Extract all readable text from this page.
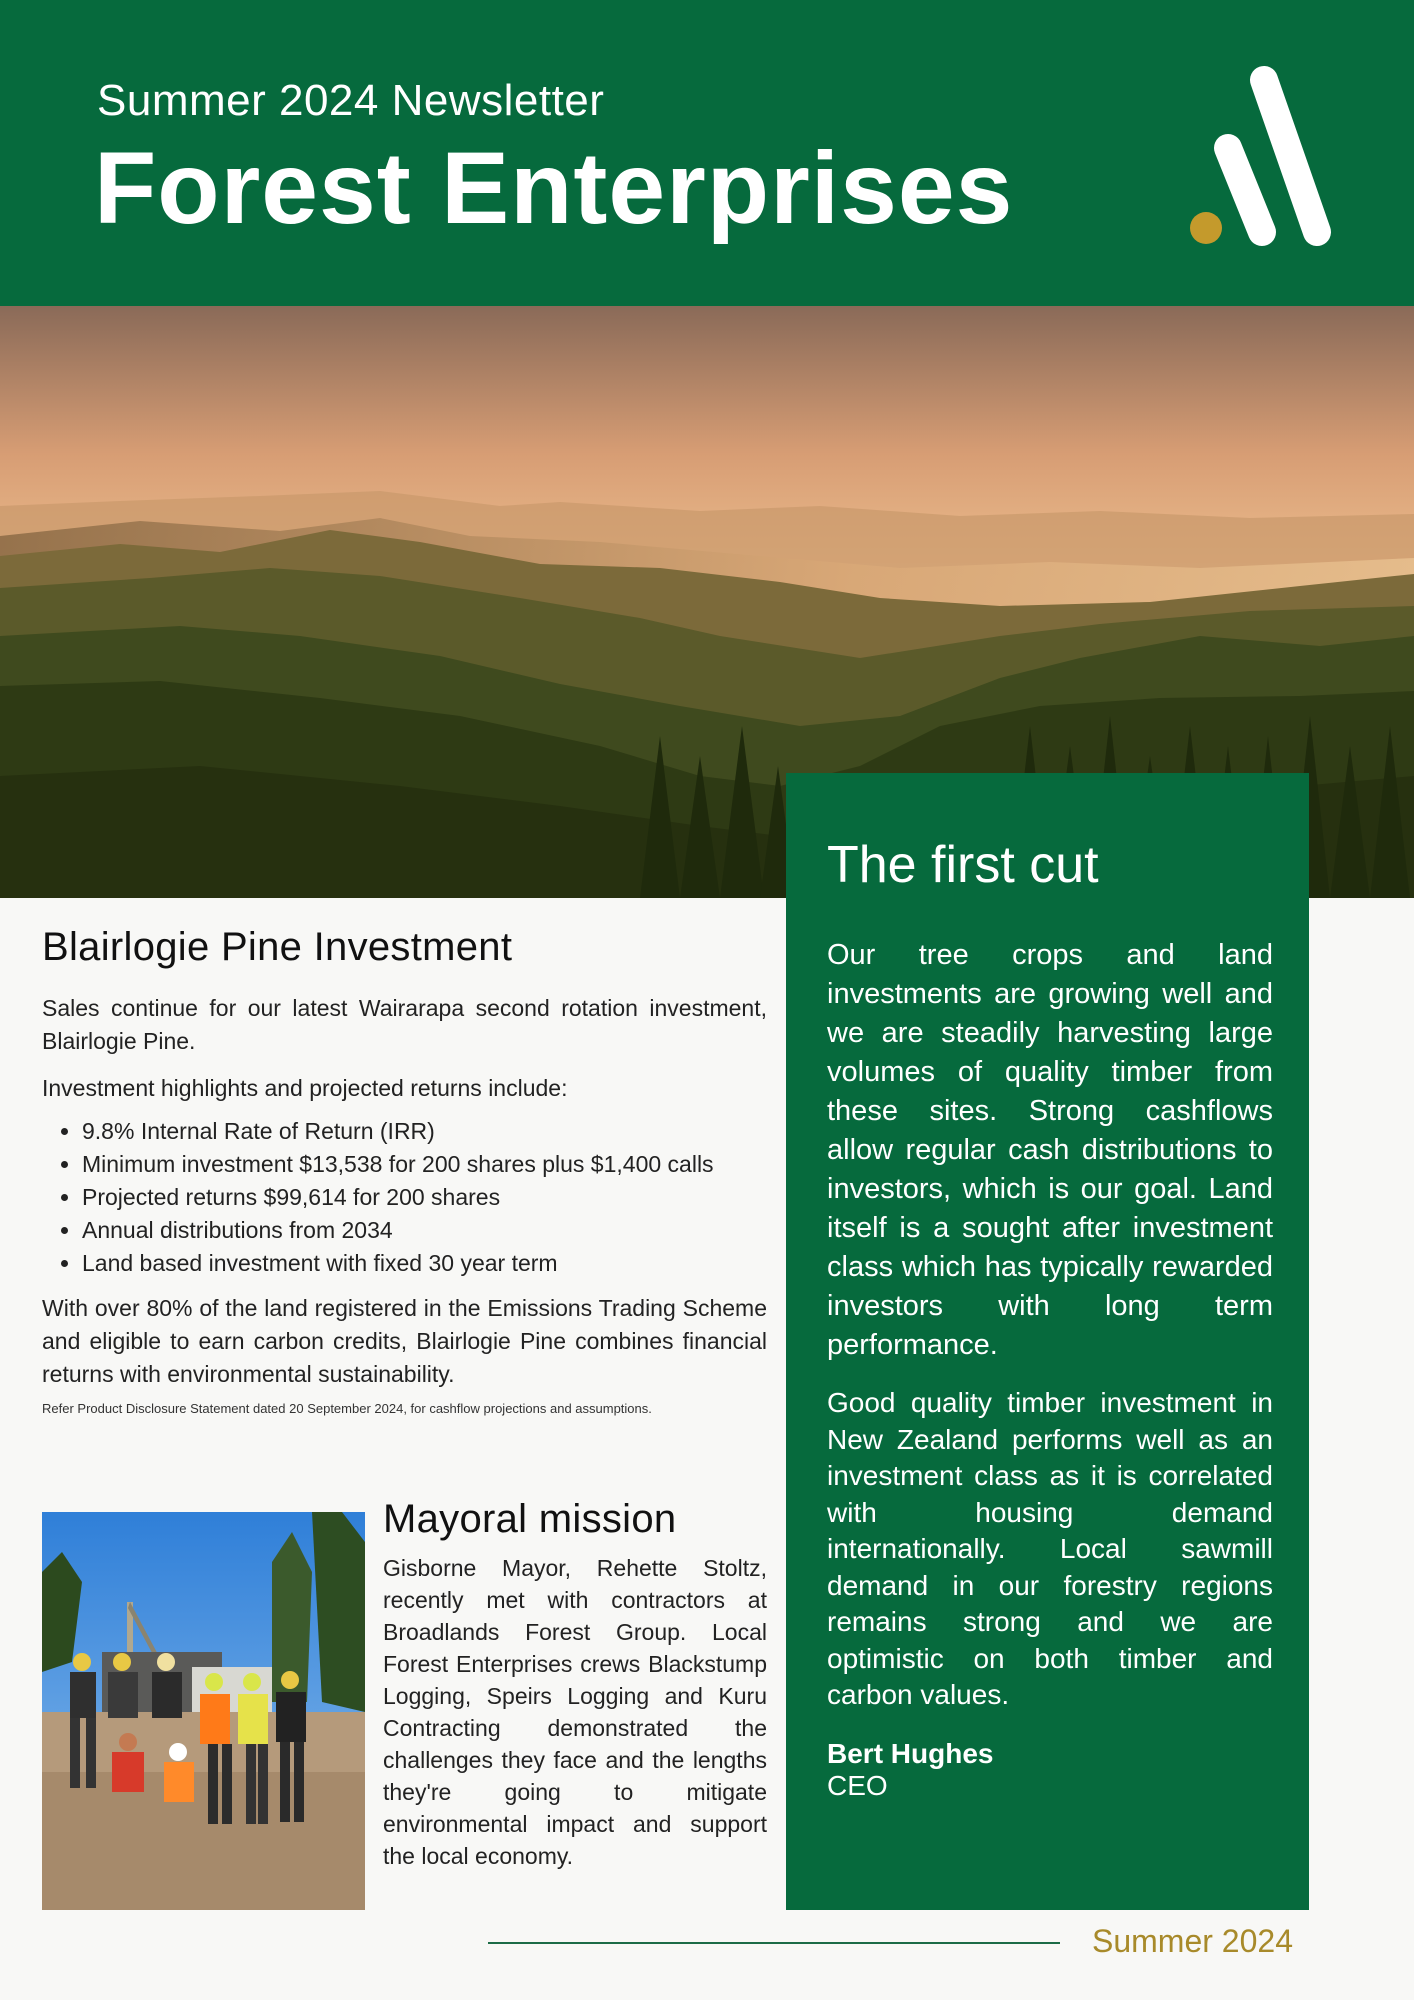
Summer 2024 Newsletter
Forest Enterprises
The first cut

Our tree crops and land investments are growing well and we are steadily harvesting large volumes of quality timber from these sites. Strong cashflows allow regular cash distributions to investors, which is our goal. Land itself is a sought after investment class which has typically rewarded investors with long term performance.

Good quality timber investment in New Zealand performs well as an investment class as it is correlated with housing demand internationally. Local sawmill demand in our forestry regions remains strong and we are optimistic on both timber and carbon values.

Bert Hughes

CEO

Blairlogie Pine Investment

Sales continue for our latest Wairarapa second rotation investment, Blairlogie Pine.

Investment highlights and projected returns include:

• 9.8% Internal Rate of Return (IRR)
• Minimum investment $13,538 for 200 shares plus $1,400 calls
• Projected returns $99,614 for 200 shares
• Annual distributions from 2034
• Land based investment with fixed 30 year term

With over 80% of the land registered in the Emissions Trading Scheme and eligible to earn carbon credits, Blairlogie Pine combines financial returns with environmental sustainability.

Refer Product Disclosure Statement dated 20 September 2024, for cashflow projections and assumptions.

Mayoral mission

Gisborne Mayor, Rehette Stoltz, recently met with contractors at Broadlands Forest Group. Local Forest Enterprises crews Blackstump Logging, Speirs Logging and Kuru Contracting demonstrated the challenges they face and the lengths they're going to mitigate environmental impact and support the local economy.

Summer 2024
